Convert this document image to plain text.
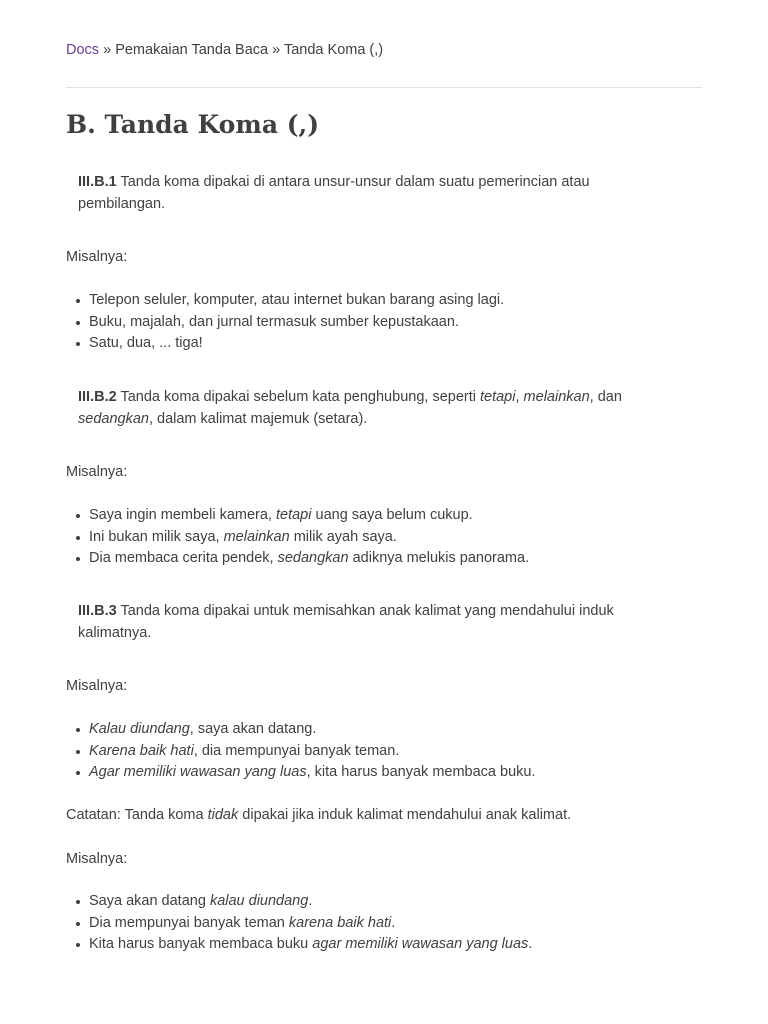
Docs » Pemakaian Tanda Baca » Tanda Koma (,)
B. Tanda Koma (,)

III.B.1 Tanda koma dipakai di antara unsur-unsur dalam suatu pemerincian atau pembilangan.

Misalnya:

Telepon seluler, komputer, atau internet bukan barang asing lagi.
Buku, majalah, dan jurnal termasuk sumber kepustakaan.
Satu, dua, ... tiga!

III.B.2 Tanda koma dipakai sebelum kata penghubung, seperti tetapi, melainkan, dan sedangkan, dalam kalimat majemuk (setara).

Misalnya:

Saya ingin membeli kamera, tetapi uang saya belum cukup.
Ini bukan milik saya, melainkan milik ayah saya.
Dia membaca cerita pendek, sedangkan adiknya melukis panorama.

III.B.3 Tanda koma dipakai untuk memisahkan anak kalimat yang mendahului induk kalimatnya.

Misalnya:

Kalau diundang, saya akan datang.
Karena baik hati, dia mempunyai banyak teman.
Agar memiliki wawasan yang luas, kita harus banyak membaca buku.

Catatan: Tanda koma tidak dipakai jika induk kalimat mendahului anak kalimat.

Misalnya:

Saya akan datang kalau diundang.
Dia mempunyai banyak teman karena baik hati.
Kita harus banyak membaca buku agar memiliki wawasan yang luas.
